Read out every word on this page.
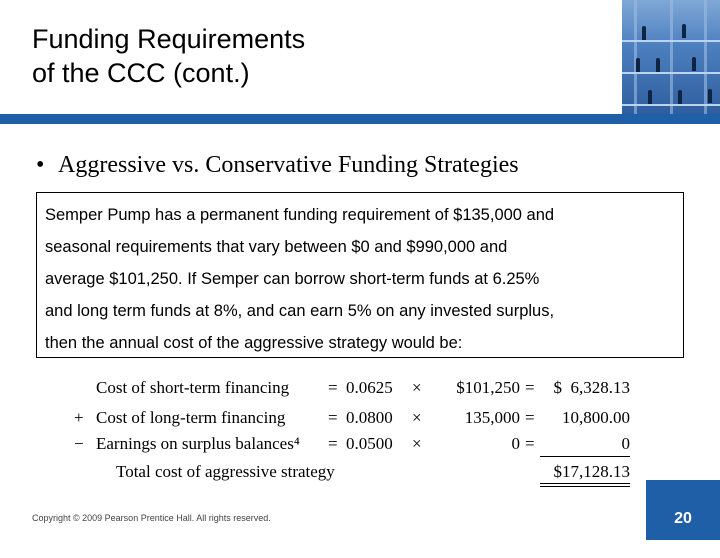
Funding Requirements
of the CCC (cont.)
• Aggressive vs. Conservative Funding Strategies
Semper Pump has a permanent funding requirement of $135,000 and
seasonal requirements that vary between $0 and $990,000 and
average $101,250. If Semper can borrow short-term funds at 6.25%
and long term funds at 8%, and can earn 5% on any invested surplus,
then the annual cost of the aggressive strategy would be:
Cost of short-term financing = 0.0625 ×	$101,250 =	$  6,328.13
+ Cost of long-term financing	= 0.0800 ×	135,000 =	10,800.00
− Earnings on surplus balances⁴ = 0.0500 ×	0 =	0
Total cost of aggressive strategy	$17,128.13
Copyright © 2009 Pearson Prentice Hall. All rights reserved.	20
